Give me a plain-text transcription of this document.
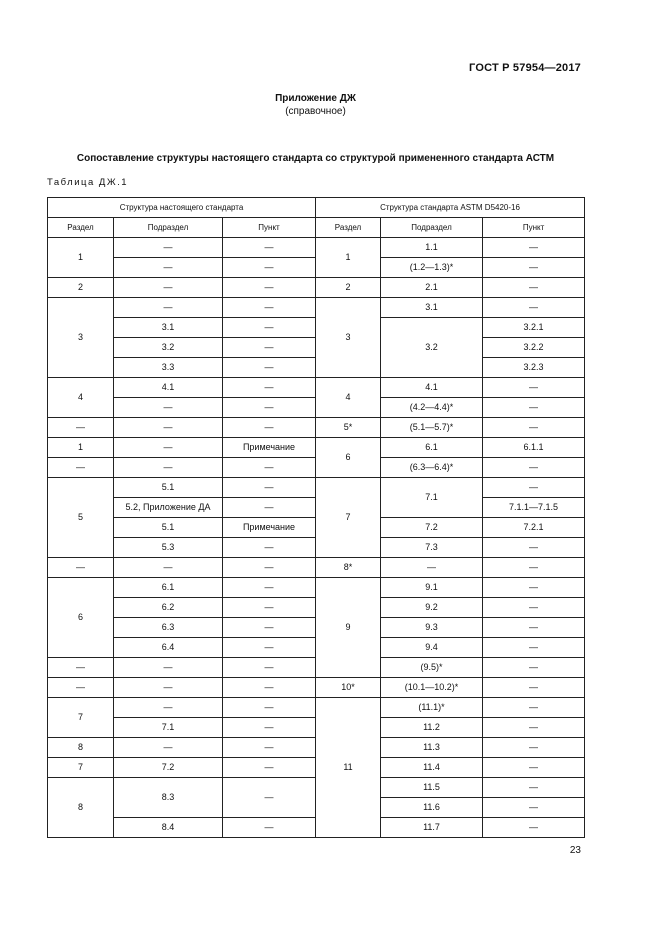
ГОСТ Р 57954—2017
Приложение ДЖ
(справочное)
Сопоставление структуры настоящего стандарта со структурой примененного стандарта АСТМ
Таблица ДЖ.1
Структура настоящего стандарта			Структура стандарта ASTM D5420-16		
Раздел	Подраздел	Пункт	Раздел	Подраздел	Пункт
1	—	—	1	1.1	—
	—	—		(1.2—1.3)*	—
2	—	—	2	2.1	—
3	—	—	3	3.1	—
	3.1	—		3.2	3.2.1
	3.2	—			3.2.2
	3.3	—			3.2.3
4	4.1	—	4	4.1	—
	—	—		(4.2—4.4)*	—
—	—	—	5*	(5.1—5.7)*	—
1	—	Примечание	6	6.1	6.1.1
—	—	—		(6.3—6.4)*	—
5	5.1	—	7	7.1	—
	5.2, Приложение ДА	—			7.1.1—7.1.5
	5.1	Примечание		7.2	7.2.1
	5.3	—		7.3	—
—	—	—	8*	—	—
6	6.1	—	9	9.1	—
	6.2	—		9.2	—
	6.3	—		9.3	—
	6.4	—		9.4	—
—	—	—		(9.5)*	—
—	—	—	10*	(10.1—10.2)*	—
7	—	—	11	(11.1)*	—
	7.1	—		11.2	—
8	—	—		11.3	—
7	7.2	—		11.4	—
8	8.3	—		11.5	—
				11.6	—
	8.4	—		11.7	—
23
